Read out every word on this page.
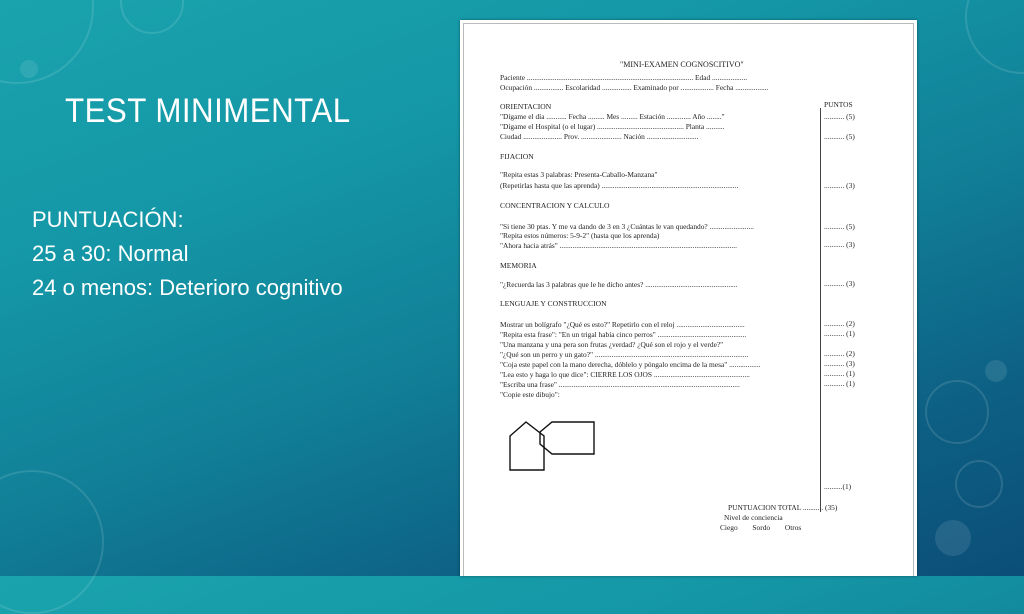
TEST MINIMENTAL
PUNTUACIÓN:
25 a 30: Normal
24 o menos: Deterioro cognitivo
"MINI-EXAMEN COGNOSCITIVO"
Paciente .......................................................................................... Edad ...................
Ocupación ................ Escolaridad ................ Examinado por .................. Fecha ..................
ORIENTACION	PUNTOS
"Dígame el día ........... Fecha ......... Mes ......... Estación ............. Año ........"	........... (5)
"Dígame el Hospital (o el lugar) ............................................... Planta ..........
Ciudad ..................... Prov. ...................... Nación ............................	........... (5)
FIJACION
"Repita estas 3 palabras: Presenta-Caballo-Manzana"
(Repetirlas hasta que las aprenda) ..........................................................................	........... (3)
CONCENTRACION Y CALCULO
"Si tiene 30 ptas. Y me va dando de 3 en 3 ¿Cuántas le van quedando? ........................	........... (5)
"Repita estos números: 5-9-2" (hasta que los aprenda)
"Ahora hacia atrás" ................................................................................................	........... (3)
MEMORIA
"¿Recuerda las 3 palabras que le he dicho antes? ..................................................	........... (3)
LENGUAJE Y CONSTRUCCION
Mostrar un bolígrafo "¿Qué es esto?" Repetirlo con el reloj .....................................	........... (2)
"Repita esta frase": "En un trigal había cinco perros" ................................................	........... (1)
"Una manzana y una pera son frutas ¿verdad? ¿Qué son el rojo y el verde?"
"¿Qué son un perro y un gato?" ...................................................................................	........... (2)
"Coja este papel con la mano derecha, dóblelo y póngalo encima de la mesa" .................	........... (3)
"Lea esto y haga lo que dice": CIERRE LOS OJOS ....................................................	........... (1)
"Escriba una frase" ..................................................................................................	........... (1)
"Copie este dibujo":
..........(1)
PUNTUACION TOTAL ........... (35)
Nivel de conciencia
Ciego        Sordo        Otros
